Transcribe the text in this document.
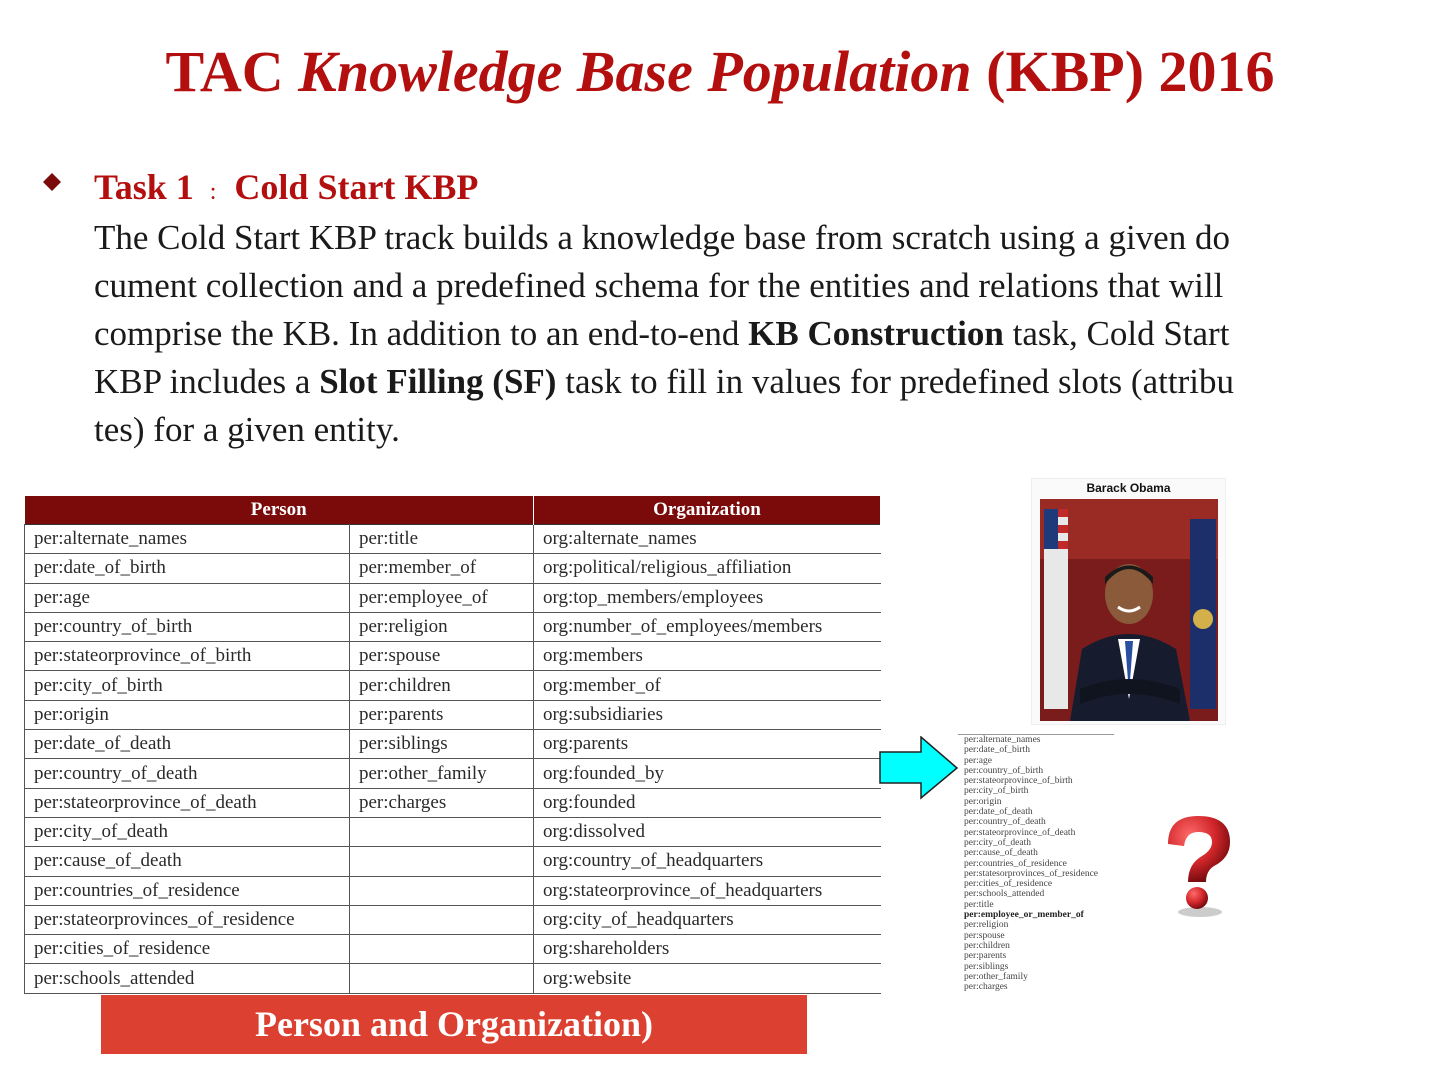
TAC Knowledge Base Population (KBP) 2016
Task 1 : Cold Start KBP
The Cold Start KBP track builds a knowledge base from scratch using a given do
cument collection and a predefined schema for the entities and relations that will
comprise the KB. In addition to an end-to-end KB Construction task, Cold Start
KBP includes a Slot Filling (SF) task to fill in values for predefined slots (attribu
tes) for a given entity.
Person		Organization
per:alternate_names	per:title	org:alternate_names
per:date_of_birth	per:member_of	org:political/religious_affiliation
per:age	per:employee_of	org:top_members/employees
per:country_of_birth	per:religion	org:number_of_employees/members
per:stateorprovince_of_birth	per:spouse	org:members
per:city_of_birth	per:children	org:member_of
per:origin	per:parents	org:subsidiaries
per:date_of_death	per:siblings	org:parents
per:country_of_death	per:other_family	org:founded_by
per:stateorprovince_of_death	per:charges	org:founded
per:city_of_death		org:dissolved
per:cause_of_death		org:country_of_headquarters
per:countries_of_residence		org:stateorprovince_of_headquarters
per:stateorprovinces_of_residence		org:city_of_headquarters
per:cities_of_residence		org:shareholders
per:schools_attended		org:website
Person and Organization)
Barack Obama
per:alternate_names
per:date_of_birth
per:age
per:country_of_birth
per:stateorprovince_of_birth
per:city_of_birth
per:origin
per:date_of_death
per:country_of_death
per:stateorprovince_of_death
per:city_of_death
per:cause_of_death
per:countries_of_residence
per:statesorprovinces_of_residence
per:cities_of_residence
per:schools_attended
per:title
per:employee_or_member_of
per:religion
per:spouse
per:children
per:parents
per:siblings
per:other_family
per:charges
